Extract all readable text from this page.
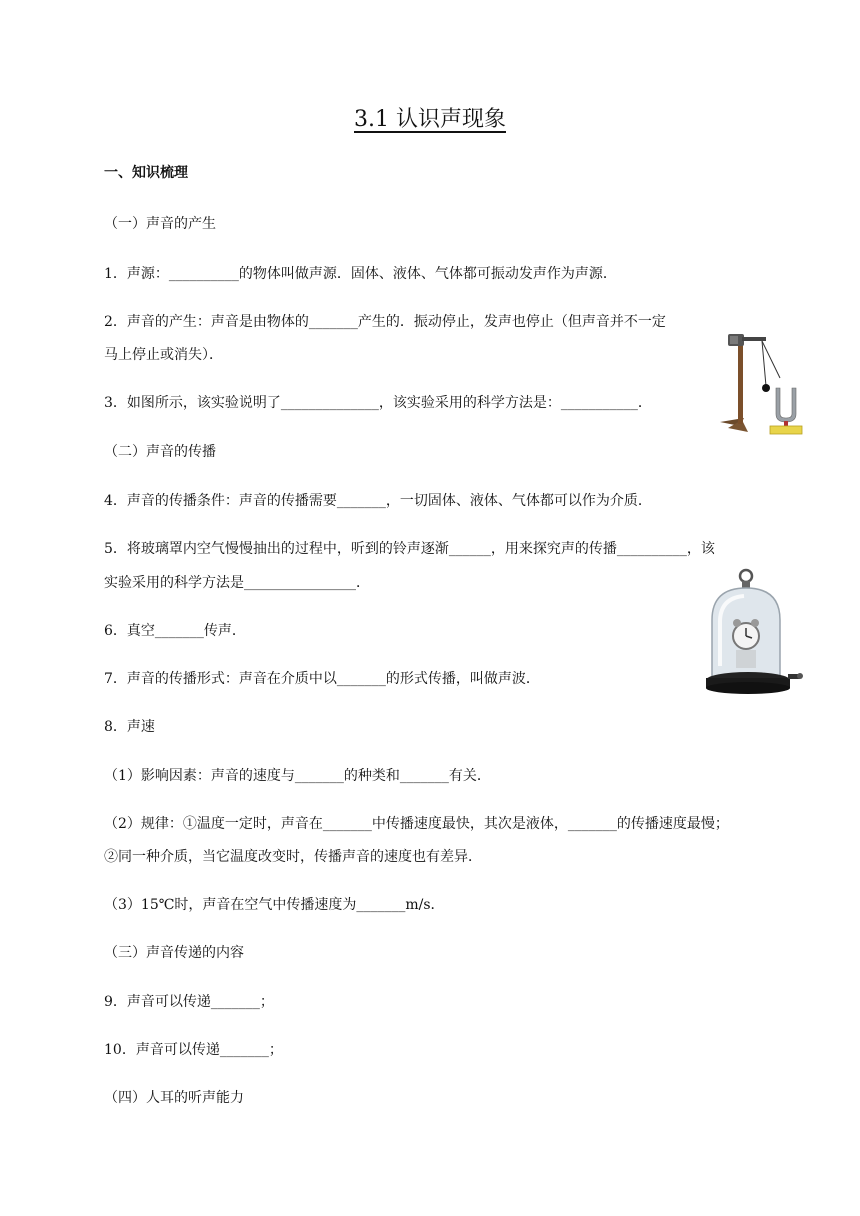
3.1 认识声现象
一、知识梳理
（一）声音的产生
1．声源：__________的物体叫做声源．固体、液体、气体都可振动发声作为声源．
2．声音的产生：声音是由物体的_______产生的．振动停止，发声也停止（但声音并不一定
马上停止或消失）．
3．如图所示，该实验说明了______________，该实验采用的科学方法是：___________．
（二）声音的传播
4．声音的传播条件：声音的传播需要_______，一切固体、液体、气体都可以作为介质．
5．将玻璃罩内空气慢慢抽出的过程中，听到的铃声逐渐______，用来探究声的传播__________，该
实验采用的科学方法是________________．
6．真空_______传声．
7．声音的传播形式：声音在介质中以_______的形式传播，叫做声波．
8．声速
（1）影响因素：声音的速度与_______的种类和_______有关．
（2）规律：①温度一定时，声音在_______中传播速度最快，其次是液体，_______的传播速度最慢；
②同一种介质，当它温度改变时，传播声音的速度也有差异．
（3）15℃时，声音在空气中传播速度为_______m/s．
（三）声音传递的内容
9．声音可以传递_______；
10．声音可以传递_______；
（四）人耳的听声能力
